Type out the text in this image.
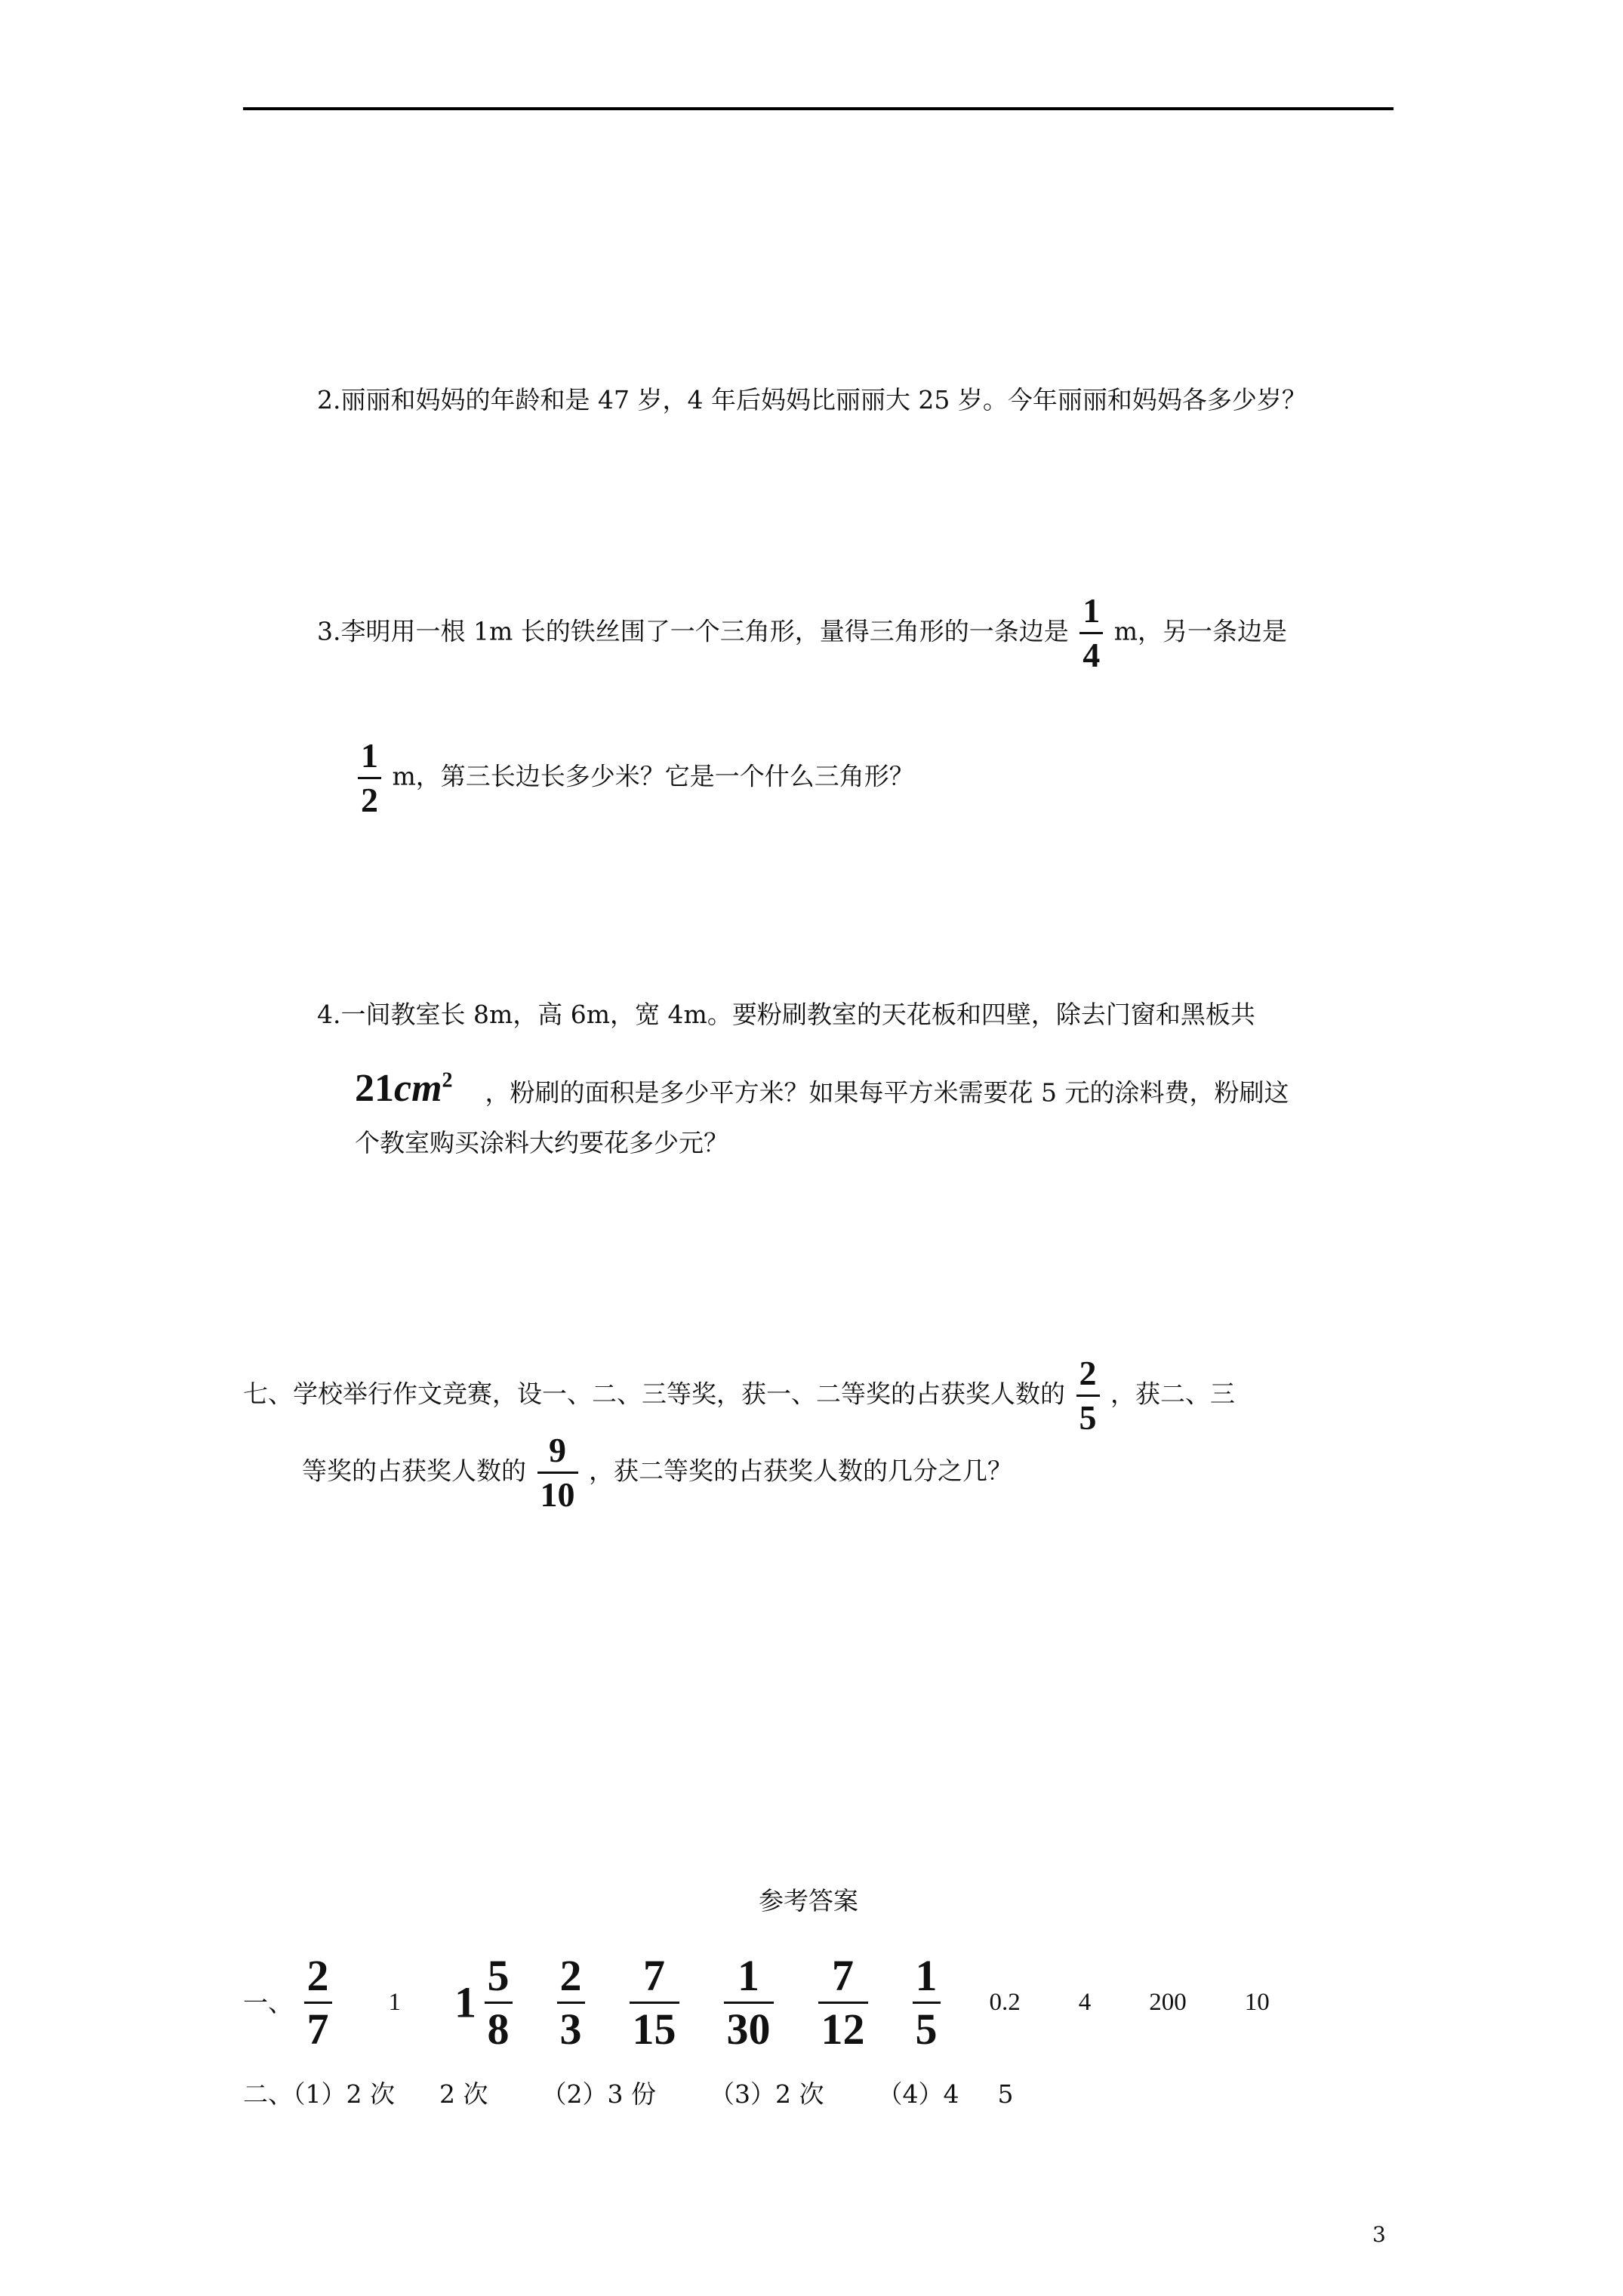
2.丽丽和妈妈的年龄和是 47 岁，4 年后妈妈比丽丽大 25 岁。今年丽丽和妈妈各多少岁？
3.李明用一根 1m 长的铁丝围了一个三角形，量得三角形的一条边是 $\frac{1}{4}$ m，另一条边是
$\frac{1}{2}$ m，第三长边长多少米？它是一个什么三角形？
4.一间教室长 8m，高 6m，宽 4m。要粉刷教室的天花板和四壁，除去门窗和黑板共
$21cm^2$ ，粉刷的面积是多少平方米？如果每平方米需要花 5 元的涂料费，粉刷这
个教室购买涂料大约要花多少元？
七、学校举行作文竞赛，设一、二、三等奖，获一、二等奖的占获奖人数的 $\frac{2}{5}$ ，获二、三
等奖的占获奖人数的 $\frac{9}{10}$ ，获二等奖的占获奖人数的几分之几？
参考答案
一、 $\frac{2}{7} 1$ $1 \frac{5}{8}$
$\frac{2}{3}$
$\frac{7}{15}$
$\frac{1}{30}$
$\frac{7}{12}$
$\frac{1}{5} 0.2$ 4 200 10
二、（1）2 次 2 次 （2）3 份 （3）2 次 （4）4 5
3
